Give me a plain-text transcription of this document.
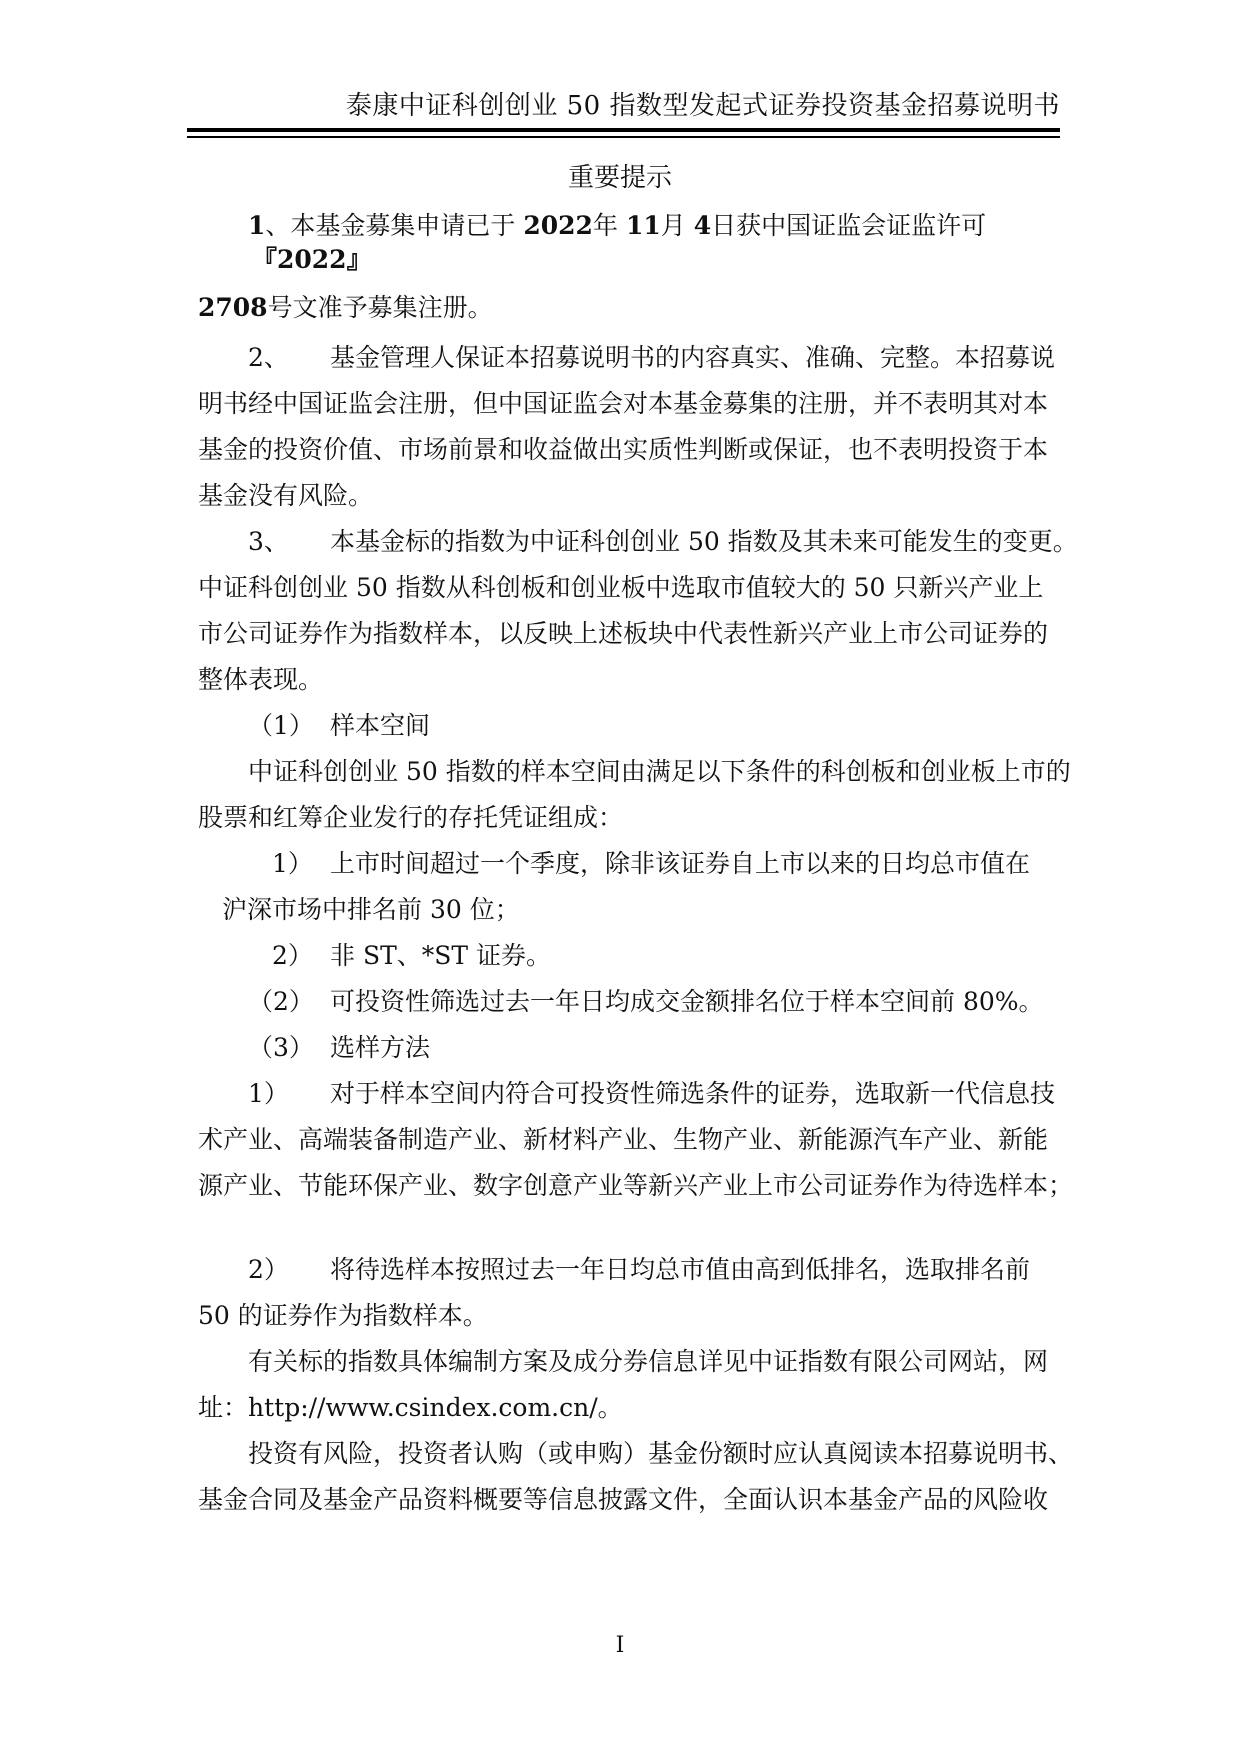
泰康中证科创创业 50 指数型发起式证券投资基金招募说明书
重要提示
1、本基金募集申请已于 2022年 11月 4日获中国证监会证监许可
『2022』
2708号文准予募集注册。
2、 基金管理人保证本招募说明书的内容真实、准确、完整。本招募说
明书经中国证监会注册，但中国证监会对本基金募集的注册，并不表明其对本
基金的投资价值、市场前景和收益做出实质性判断或保证，也不表明投资于本
基金没有风险。
3、 本基金标的指数为中证科创创业 50 指数及其未来可能发生的变更。
中证科创创业 50 指数从科创板和创业板中选取市值较大的 50 只新兴产业上
市公司证券作为指数样本，以反映上述板块中代表性新兴产业上市公司证券的
整体表现。
（1） 样本空间
中证科创创业 50 指数的样本空间由满足以下条件的科创板和创业板上市的
股票和红筹企业发行的存托凭证组成：
1） 上市时间超过一个季度，除非该证券自上市以来的日均总市值在
沪深市场中排名前 30 位；
2） 非 ST、*ST 证券。
（2） 可投资性筛选过去一年日均成交金额排名位于样本空间前 80%。
（3） 选样方法
1） 对于样本空间内符合可投资性筛选条件的证券，选取新一代信息技
术产业、高端装备制造产业、新材料产业、生物产业、新能源汽车产业、新能
源产业、节能环保产业、数字创意产业等新兴产业上市公司证券作为待选样本；
2） 将待选样本按照过去一年日均总市值由高到低排名，选取排名前
50 的证券作为指数样本。
有关标的指数具体编制方案及成分券信息详见中证指数有限公司网站，网
址：http://www.csindex.com.cn/。
投资有风险，投资者认购（或申购）基金份额时应认真阅读本招募说明书、
基金合同及基金产品资料概要等信息披露文件，全面认识本基金产品的风险收
I
